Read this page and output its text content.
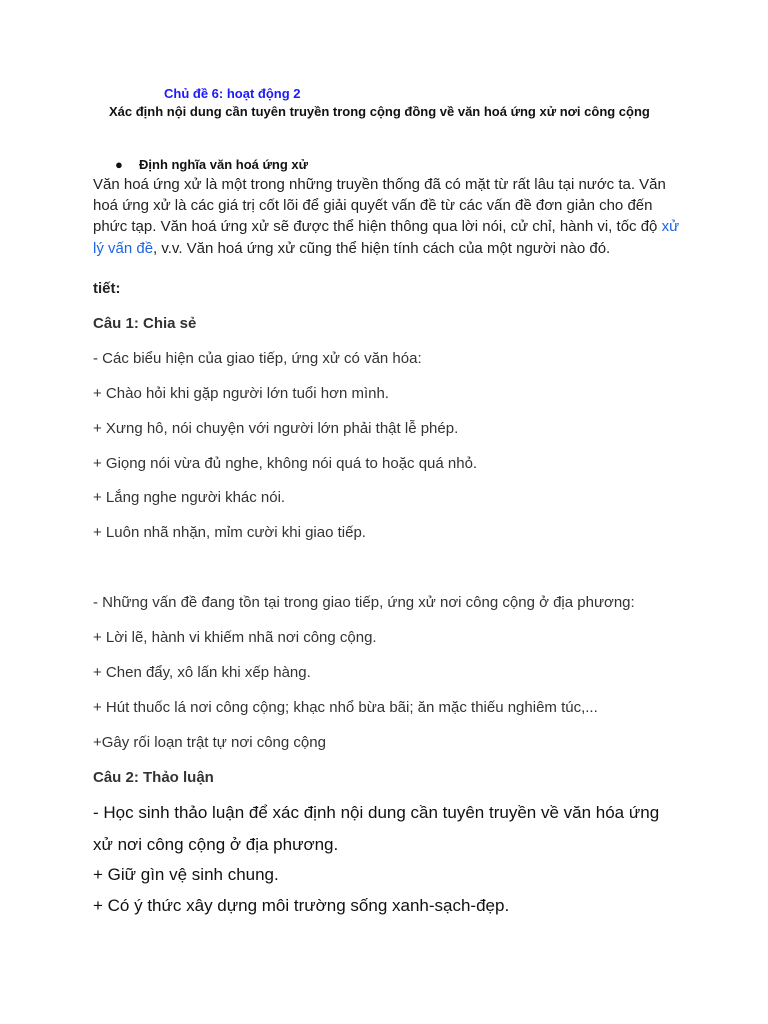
Chủ đề 6: hoạt động 2
Xác định nội dung cần tuyên truyền trong cộng đồng về văn hoá ứng xử nơi công cộng
● Định nghĩa văn hoá ứng xử
Văn hoá ứng xử là một trong những truyền thống đã có mặt từ rất lâu tại nước ta. Văn hoá ứng xử là các giá trị cốt lõi để giải quyết vấn đề từ các vấn đề đơn giản cho đến phức tạp. Văn hoá ứng xử sẽ được thể hiện thông qua lời nói, cử chỉ, hành vi, tốc độ xử lý vấn đề, v.v. Văn hoá ứng xử cũng thể hiện tính cách của một người nào đó.
tiết:
Câu 1: Chia sẻ
- Các biểu hiện của giao tiếp, ứng xử có văn hóa:
+ Chào hỏi khi gặp người lớn tuổi hơn mình.
+ Xưng hô, nói chuyện với người lớn phải thật lễ phép.
+ Giọng nói vừa đủ nghe, không nói quá to hoặc quá nhỏ.
+ Lắng nghe người khác nói.
+ Luôn nhã nhặn, mỉm cười khi giao tiếp.
- Những vấn đề đang tồn tại trong giao tiếp, ứng xử nơi công cộng ở địa phương:
+ Lời lẽ, hành vi khiếm nhã nơi công cộng.
+ Chen đẩy, xô lấn khi xếp hàng.
+ Hút thuốc lá nơi công cộng; khạc nhổ bừa bãi; ăn mặc thiếu nghiêm túc,...
+Gây rối loạn trật tự nơi công cộng
Câu 2: Thảo luận
- Học sinh thảo luận để xác định nội dung cần tuyên truyền về văn hóa ứng
xử nơi công cộng ở địa phương.
+ Giữ gìn vệ sinh chung.
+ Có ý thức xây dựng môi trường sống xanh-sạch-đẹp.
